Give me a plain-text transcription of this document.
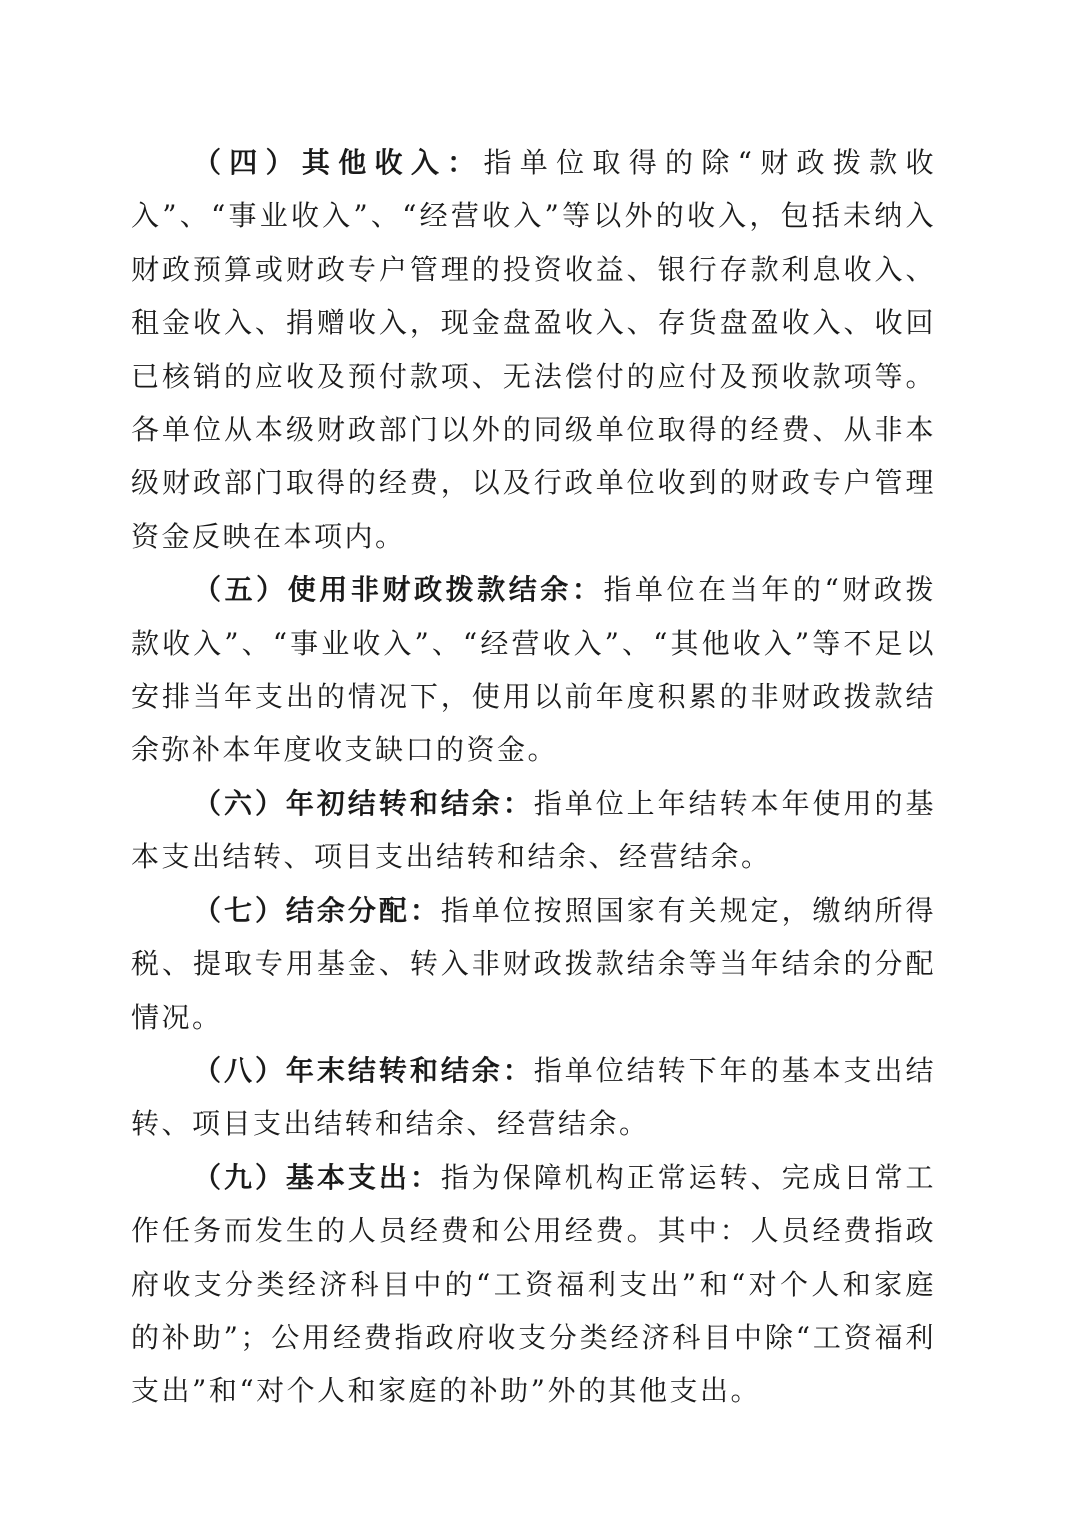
（四）其他收入：指单位取得的除“财政拨款收入”、“事业收入”、“经营收入”等以外的收入，包括未纳入财政预算或财政专户管理的投资收益、银行存款利息收入、租金收入、捐赠收入，现金盘盈收入、存货盘盈收入、收回已核销的应收及预付款项、无法偿付的应付及预收款项等。各单位从本级财政部门以外的同级单位取得的经费、从非本级财政部门取得的经费，以及行政单位收到的财政专户管理资金反映在本项内。

（五）使用非财政拨款结余：指单位在当年的“财政拨款收入”、“事业收入”、“经营收入”、“其他收入”等不足以安排当年支出的情况下，使用以前年度积累的非财政拨款结余弥补本年度收支缺口的资金。

（六）年初结转和结余：指单位上年结转本年使用的基本支出结转、项目支出结转和结余、经营结余。

（七）结余分配：指单位按照国家有关规定，缴纳所得税、提取专用基金、转入非财政拨款结余等当年结余的分配情况。

（八）年末结转和结余：指单位结转下年的基本支出结转、项目支出结转和结余、经营结余。

（九）基本支出：指为保障机构正常运转、完成日常工作任务而发生的人员经费和公用经费。其中：人员经费指政府收支分类经济科目中的“工资福利支出”和“对个人和家庭的补助”；公用经费指政府收支分类经济科目中除“工资福利支出”和“对个人和家庭的补助”外的其他支出。
